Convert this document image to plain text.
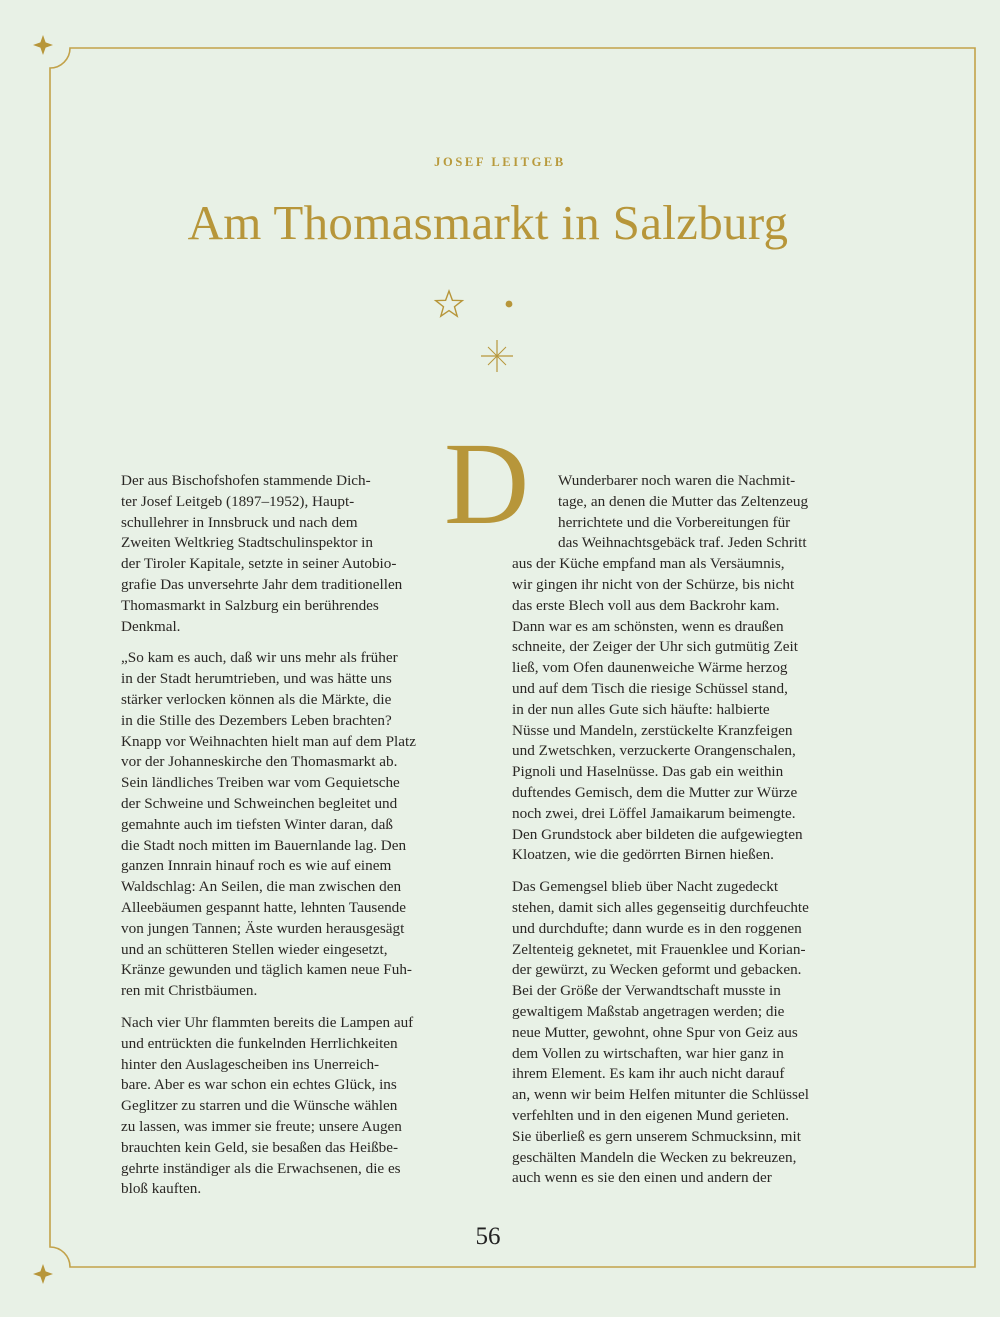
JOSEF LEITGEB
Am Thomasmarkt in Salzburg

Der aus Bischofshofen stammende Dich-
ter Josef Leitgeb (1897–1952), Haupt-
schullehrer in Innsbruck und nach dem
Zweiten Weltkrieg Stadtschulinspektor in
der Tiroler Kapitale, setzte in seiner Autobio-
grafie Das unversehrte Jahr dem traditionellen
Thomasmarkt in Salzburg ein berührendes
Denkmal.

„So kam es auch, daß wir uns mehr als früher
in der Stadt herumtrieben, und was hätte uns
stärker verlocken können als die Märkte, die
in die Stille des Dezembers Leben brachten?
Knapp vor Weihnachten hielt man auf dem Platz
vor der Johanneskirche den Thomasmarkt ab.
Sein ländliches Treiben war vom Gequietsche
der Schweine und Schweinchen begleitet und
gemahnte auch im tiefsten Winter daran, daß
die Stadt noch mitten im Bauernlande lag. Den
ganzen Innrain hinauf roch es wie auf einem
Waldschlag: An Seilen, die man zwischen den
Alleebäumen gespannt hatte, lehnten Tausende
von jungen Tannen; Äste wurden herausgesägt
und an schütteren Stellen wieder eingesetzt,
Kränze gewunden und täglich kamen neue Fuh-
ren mit Christbäumen.

Nach vier Uhr flammten bereits die Lampen auf
und entrückten die funkelnden Herrlichkeiten
hinter den Auslagescheiben ins Unerreich-
bare. Aber es war schon ein echtes Glück, ins
Geglitzer zu starren und die Wünsche wählen
zu lassen, was immer sie freute; unsere Augen
brauchten kein Geld, sie besaßen das Heißbe-
gehrte inständiger als die Erwachsenen, die es
bloß kauften.

D	Wunderbarer noch waren die Nachmit-
tage, an denen die Mutter das Zeltenzeug
herrichtete und die Vorbereitungen für
das Weihnachtsgebäck traf. Jeden Schritt
aus der Küche empfand man als Versäumnis,
wir gingen ihr nicht von der Schürze, bis nicht
das erste Blech voll aus dem Backrohr kam.
Dann war es am schönsten, wenn es draußen
schneite, der Zeiger der Uhr sich gutmütig Zeit
ließ, vom Ofen daunenweiche Wärme herzog
und auf dem Tisch die riesige Schüssel stand,
in der nun alles Gute sich häufte: halbierte
Nüsse und Mandeln, zerstückelte Kranzfeigen
und Zwetschken, verzuckerte Orangenschalen,
Pignoli und Haselnüsse. Das gab ein weithin
duftendes Gemisch, dem die Mutter zur Würze
noch zwei, drei Löffel Jamaikarum beimengte.
Den Grundstock aber bildeten die aufgewiegten
Kloatzen, wie die gedörrten Birnen hießen.

Das Gemengsel blieb über Nacht zugedeckt
stehen, damit sich alles gegenseitig durchfeuchte
und durchdufte; dann wurde es in den roggenen
Zeltenteig geknetet, mit Frauenklee und Korian-
der gewürzt, zu Wecken geformt und gebacken.
Bei der Größe der Verwandtschaft musste in
gewaltigem Maßstab angetragen werden; die
neue Mutter, gewohnt, ohne Spur von Geiz aus
dem Vollen zu wirtschaften, war hier ganz in
ihrem Element. Es kam ihr auch nicht darauf
an, wenn wir beim Helfen mitunter die Schlüssel
verfehlten und in den eigenen Mund gerieten.
Sie überließ es gern unserem Schmucksinn, mit
geschälten Mandeln die Wecken zu bekreuzen,
auch wenn es sie den einen und andern der

56
